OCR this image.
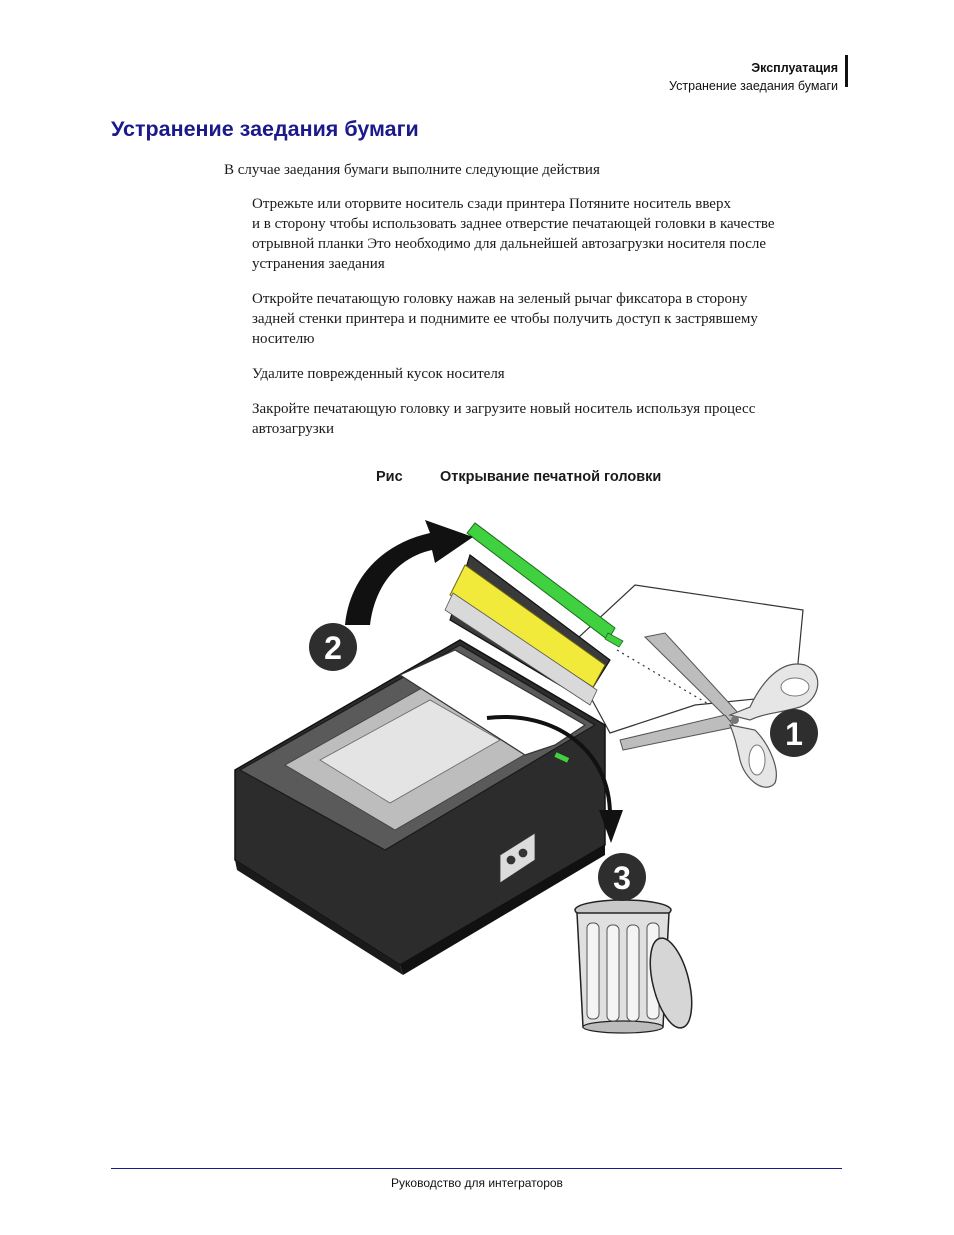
Эксплуатация
Устранение заедания бумаги
Устранение заедания бумаги
В случае заедания бумаги выполните следующие действия
Отрежьте или оторвите носитель сзади принтера Потяните носитель вверх
и в сторону чтобы использовать заднее отверстие печатающей головки в качестве
отрывной планки Это необходимо для дальнейшей автозагрузки носителя после
устранения заедания
Откройте печатающую головку нажав на зеленый рычаг фиксатора в сторону
задней стенки принтера и поднимите ее чтобы получить доступ к застрявшему
носителю
Удалите поврежденный кусок носителя
Закройте печатающую головку и загрузите новый носитель используя процесс
автозагрузки
Рис	Открывание печатной головки
2
1
3
Руководство для интеграторов
